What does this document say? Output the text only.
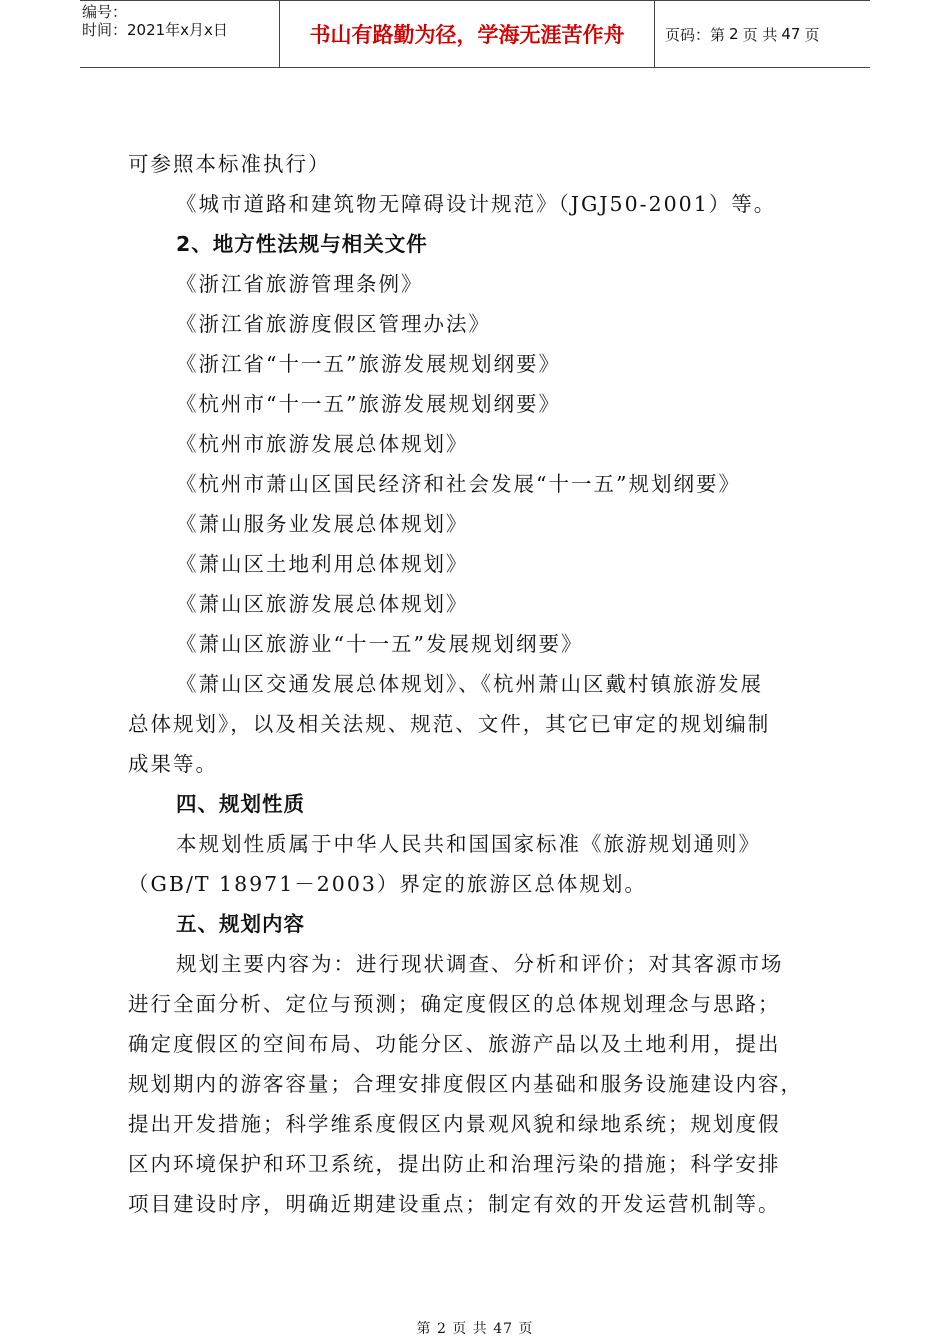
编号：
时间：2021年x月x日	书山有路勤为径，学海无涯苦作舟	页码：第 2 页 共 47 页
可参照本标准执行）
《城市道路和建筑物无障碍设计规范》（JGJ50-2001）等。
2、地方性法规与相关文件
《浙江省旅游管理条例》
《浙江省旅游度假区管理办法》
《浙江省“十一五”旅游发展规划纲要》
《杭州市“十一五”旅游发展规划纲要》
《杭州市旅游发展总体规划》
《杭州市萧山区国民经济和社会发展“十一五”规划纲要》
《萧山服务业发展总体规划》
《萧山区土地利用总体规划》
《萧山区旅游发展总体规划》
《萧山区旅游业“十一五”发展规划纲要》
《萧山区交通发展总体规划》、《杭州萧山区戴村镇旅游发展
总体规划》，以及相关法规、规范、文件，其它已审定的规划编制
成果等。
四、规划性质
本规划性质属于中华人民共和国国家标准《旅游规划通则》
（GB/T 18971－2003）界定的旅游区总体规划。
五、规划内容
规划主要内容为：进行现状调查、分析和评价；对其客源市场
进行全面分析、定位与预测；确定度假区的总体规划理念与思路；
确定度假区的空间布局、功能分区、旅游产品以及土地利用，提出
规划期内的游客容量；合理安排度假区内基础和服务设施建设内容，
提出开发措施；科学维系度假区内景观风貌和绿地系统；规划度假
区内环境保护和环卫系统，提出防止和治理污染的措施；科学安排
项目建设时序，明确近期建设重点；制定有效的开发运营机制等。
第 2 页 共 47 页
